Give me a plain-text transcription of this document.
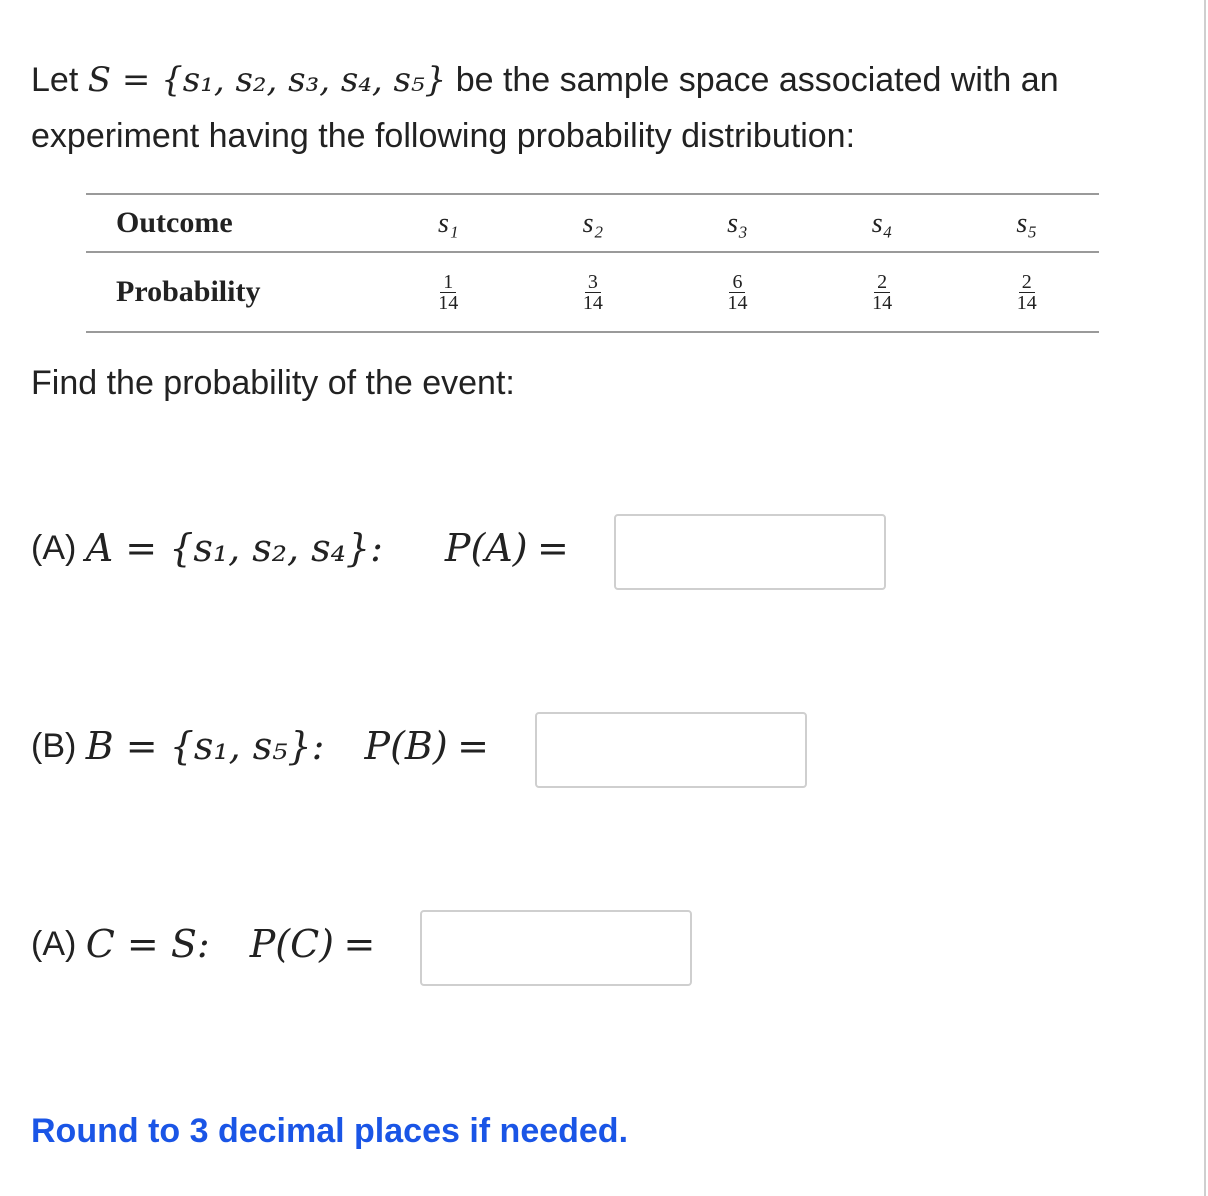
Let S = {s₁, s₂, s₃, s₄, s₅} be the sample space associated with an
experiment having the following probability distribution:

Outcome	s₁	s₂	s₃	s₄	s₅
Probability	$\frac{1}{14}$	$\frac{3}{14}$	$\frac{6}{14}$	$\frac{2}{14}$	$\frac{2}{14}$

Find the probability of the event:

(A)
A = {s₁, s₂, s₄}: P(A)
=
(B)
B = {s₁, s₅}: P(B)
=
(A)
C = S: P(C)
=

Round to 3 decimal places if needed.
